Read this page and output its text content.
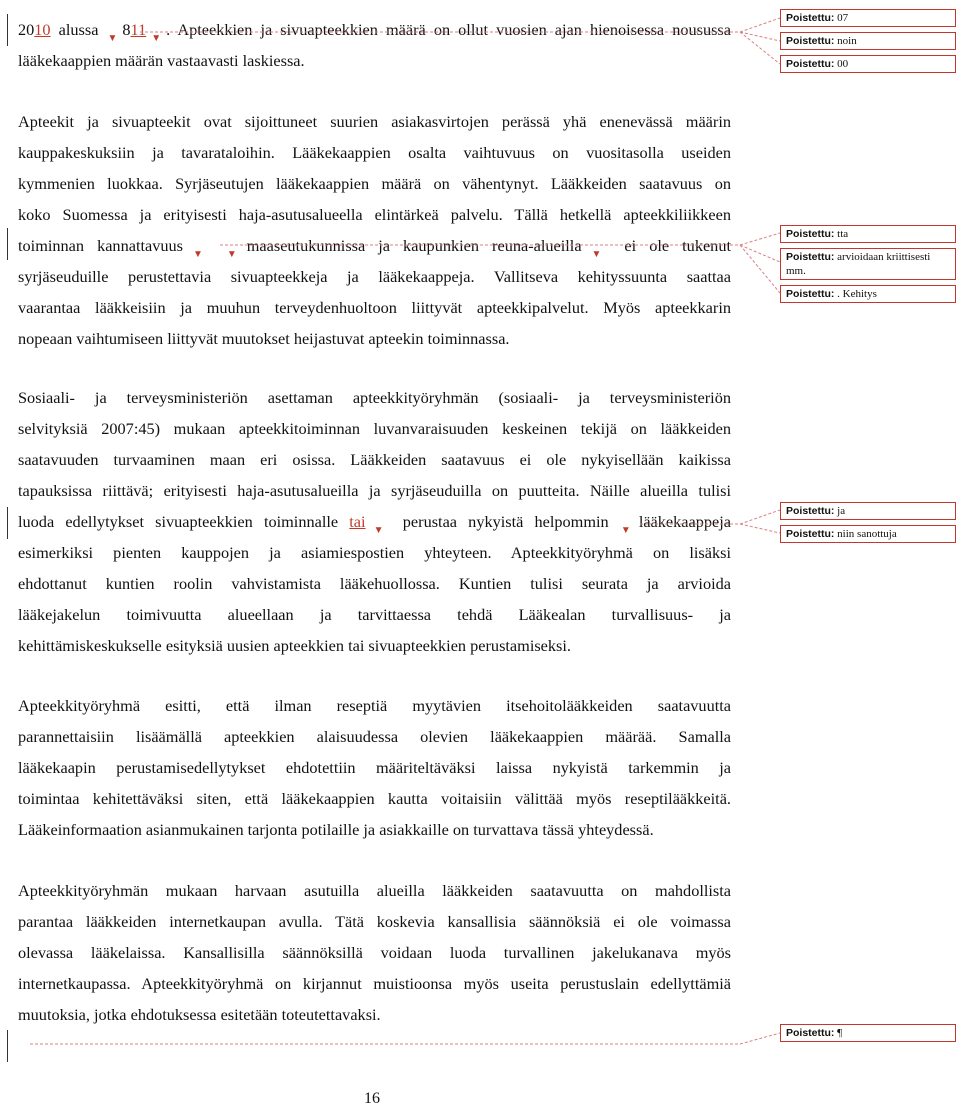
2010 alussa $_▼811_▼$. Apteekkien ja sivuapteekkien määrä on ollut vuosien ajan hienoisessa nousussa
lääkekaappien määrän vastaavasti laskiessa.
Apteekit ja sivuapteekit ovat sijoittuneet suurien asiakasvirtojen perässä yhä enenevässä määrin
kauppakeskuksiin ja tavarataloihin. Lääkekaappien osalta vaihtuvuus on vuositasolla useiden
kymmenien luokkaa. Syrjäseutujen lääkekaappien määrä on vähentynyt. Lääkkeiden saatavuus on
koko Suomessa ja erityisesti haja-asutusalueella elintärkeä palvelu. Tällä hetkellä apteekkiliikkeen
toiminnan kannattavuus$_▼$ $_▼$maaseutukunnissa ja kaupunkien reuna-alueilla$_▼$ ei ole tukenut
syrjäseuduille perustettavia sivuapteekkeja ja lääkekaappeja. Vallitseva kehityssuunta saattaa
vaarantaa lääkkeisiin ja muuhun terveydenhuoltoon liittyvät apteekkipalvelut. Myös apteekkarin
nopeaan vaihtumiseen liittyvät muutokset heijastuvat apteekin toiminnassa.
Sosiaali- ja terveysministeriön asettaman apteekkityöryhmän (sosiaali- ja terveysministeriön
selvityksiä 2007:45) mukaan apteekkitoiminnan luvanvaraisuuden keskeinen tekijä on lääkkeiden
saatavuuden turvaaminen maan eri osissa. Lääkkeiden saatavuus ei ole nykyisellään kaikissa
tapauksissa riittävä; erityisesti haja-asutusalueilla ja syrjäseuduilla on puutteita. Näille alueilla tulisi
luoda edellytykset sivuapteekkien toiminnalle tai$_▼$ perustaa nykyistä helpommin $_▼$lääkekaappeja
esimerkiksi pienten kauppojen ja asiamiespostien yhteyteen. Apteekkityöryhmä on lisäksi
ehdottanut kuntien roolin vahvistamista lääkehuollossa. Kuntien tulisi seurata ja arvioida
lääkejakelun toimivuutta alueellaan ja tarvittaessa tehdä Lääkealan turvallisuus- ja
kehittämiskeskukselle esityksiä uusien apteekkien tai sivuapteekkien perustamiseksi.
Apteekkityöryhmä esitti, että ilman reseptiä myytävien itsehoitolääkkeiden saatavuutta
parannettaisiin lisäämällä apteekkien alaisuudessa olevien lääkekaappien määrää. Samalla
lääkekaapin perustamisedellytykset ehdotettiin määriteltäväksi laissa nykyistä tarkemmin ja
toimintaa kehitettäväksi siten, että lääkekaappien kautta voitaisiin välittää myös reseptilääkkeitä.
Lääkeinformaation asianmukainen tarjonta potilaille ja asiakkaille on turvattava tässä yhteydessä.
Apteekkityöryhmän mukaan harvaan asutuilla alueilla lääkkeiden saatavuutta on mahdollista
parantaa lääkkeiden internetkaupan avulla. Tätä koskevia kansallisia säännöksiä ei ole voimassa
olevassa lääkelaissa. Kansallisilla säännöksillä voidaan luoda turvallinen jakelukanava myös
internetkaupassa. Apteekkityöryhmä on kirjannut muistioonsa myös useita perustuslain edellyttämiä
muutoksia, jotka ehdotuksessa esitetään toteutettavaksi.
Poistettu: 07
Poistettu: noin
Poistettu: 00
Poistettu: tta
Poistettu: arvioidaan kriittisesti mm.
Poistettu: . Kehitys
Poistettu: ja
Poistettu: niin sanottuja
Poistettu: ¶
16
